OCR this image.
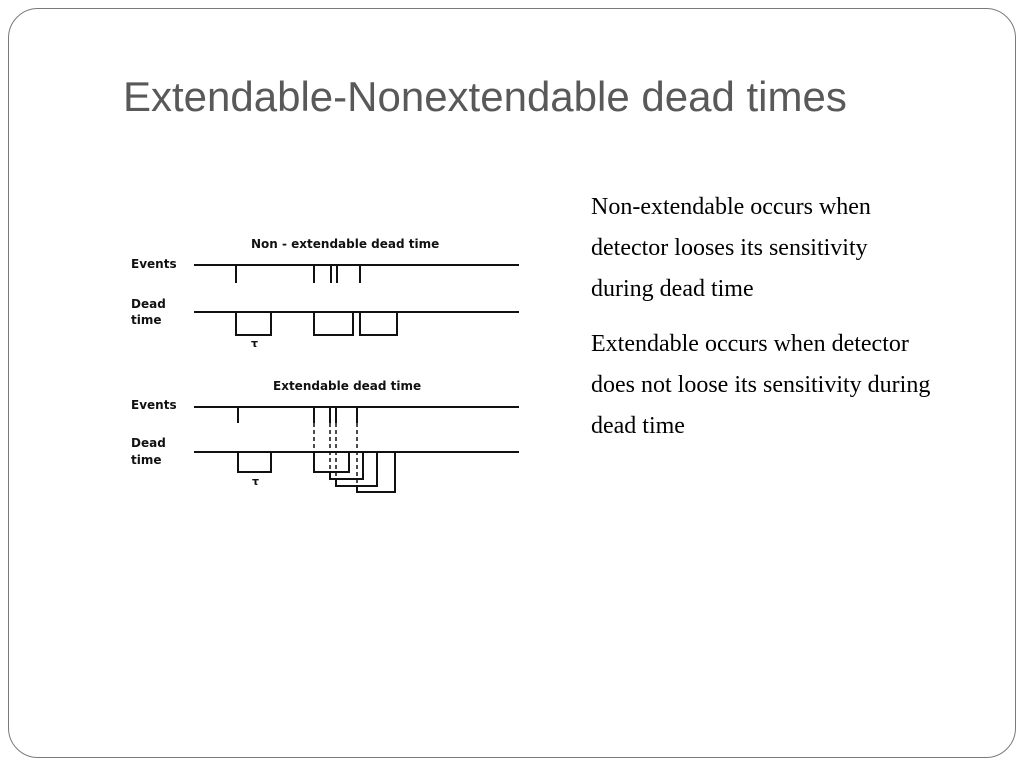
Extendable-Nonextendable dead times
Non - extendable dead time
Events
Dead
time
τ
Extendable dead time
Events
Dead
time
τ

Non-extendable occurs when detector looses its sensitivity during dead time

Extendable occurs when detector does not loose its sensitivity during dead time
